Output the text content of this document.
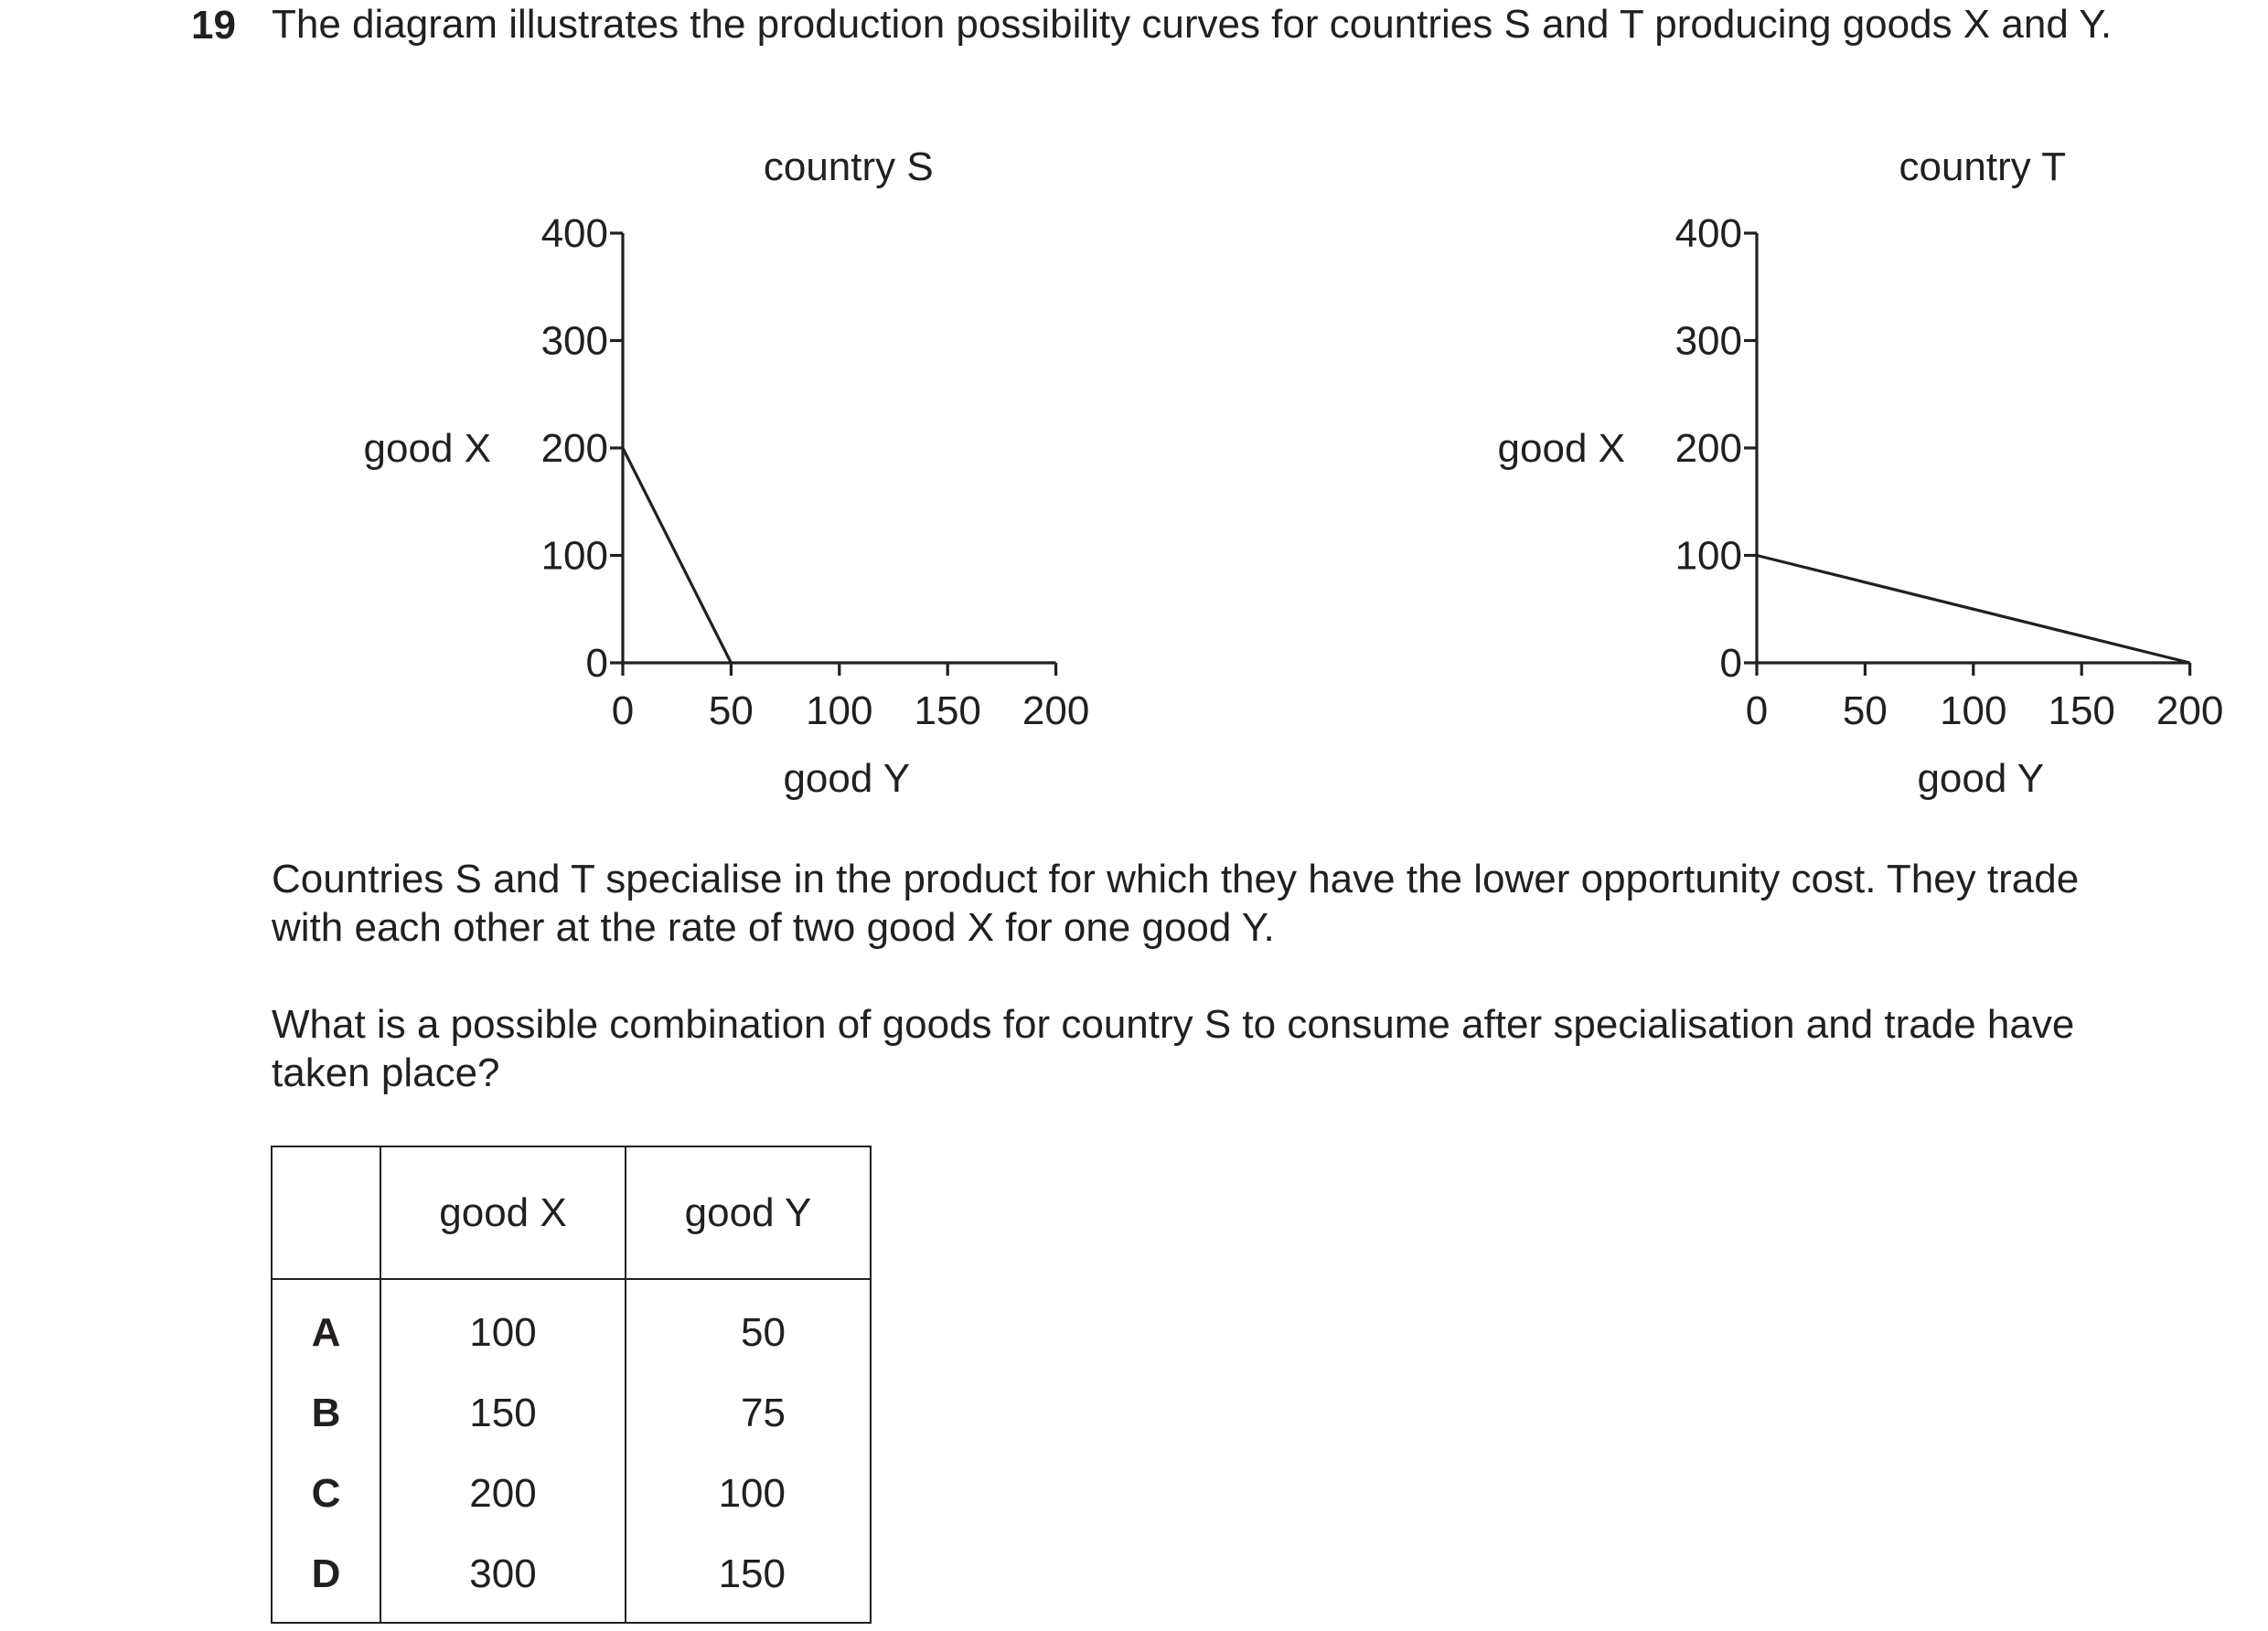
19 The diagram illustrates the production possibility curves for countries S and T producing goods X and Y.
0
100
200
300
400
0 50 100 150 200
country S
good Y
good X
0
100
200
300
400
0 50 100 150 200
country T
good Y
good X
Countries S and T specialise in the product for which they have the lower opportunity cost. They trade with each other at the rate of two good X for one good Y.
What is a possible combination of goods for country S to consume after specialisation and trade have taken place?
	good X	good Y
A	100	50
B	150	75
C	200	100
D	300	150
